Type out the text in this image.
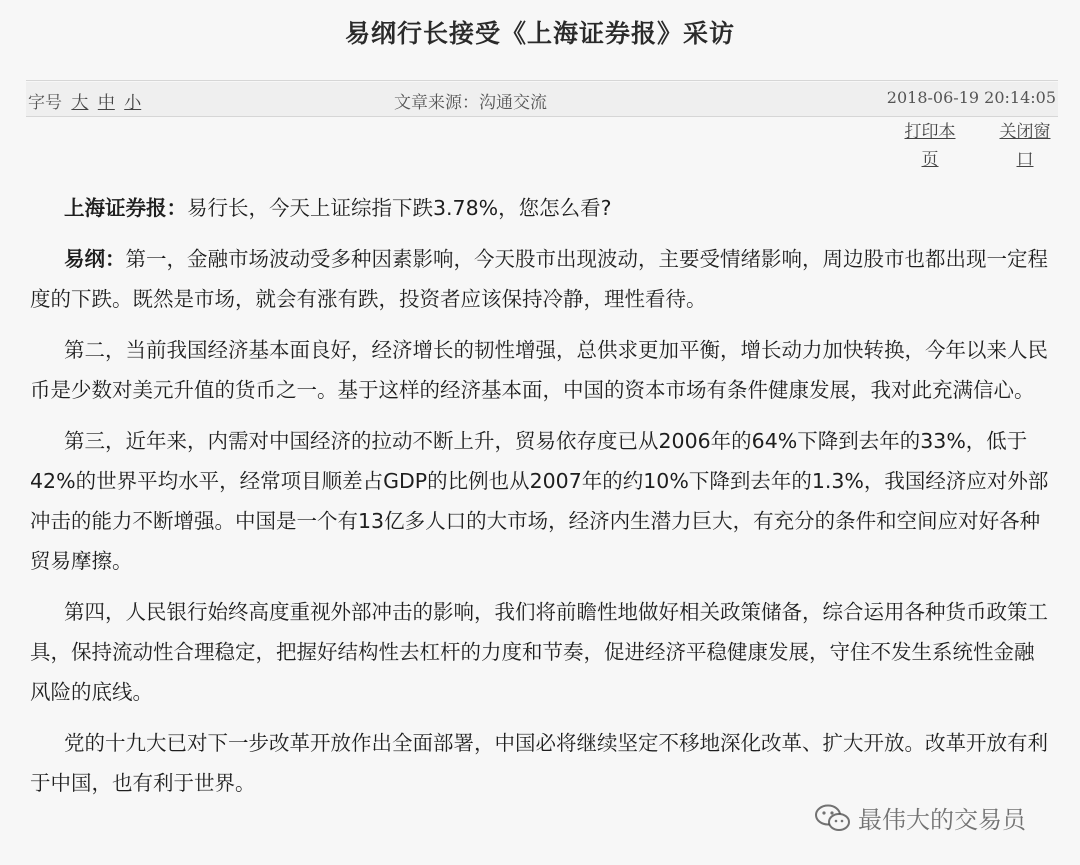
易纲行长接受《上海证券报》采访
字号 大 中 小	文章来源：沟通交流	2018-06-19 20:14:05
打印本
页
关闭窗
口

上海证券报：易行长，今天上证综指下跌3.78%，您怎么看?

易纲：第一，金融市场波动受多种因素影响，今天股市出现波动，主要受情绪影响，周边股市也都出现一定程度的下跌。既然是市场，就会有涨有跌，投资者应该保持冷静，理性看待。

第二，当前我国经济基本面良好，经济增长的韧性增强，总供求更加平衡，增长动力加快转换，今年以来人民币是少数对美元升值的货币之一。基于这样的经济基本面，中国的资本市场有条件健康发展，我对此充满信心。

第三，近年来，内需对中国经济的拉动不断上升，贸易依存度已从2006年的64%下降到去年的33%，低于42%的世界平均水平，经常项目顺差占GDP的比例也从2007年的约10%下降到去年的1.3%，我国经济应对外部冲击的能力不断增强。中国是一个有13亿多人口的大市场，经济内生潜力巨大，有充分的条件和空间应对好各种贸易摩擦。

第四，人民银行始终高度重视外部冲击的影响，我们将前瞻性地做好相关政策储备，综合运用各种货币政策工具，保持流动性合理稳定，把握好结构性去杠杆的力度和节奏，促进经济平稳健康发展，守住不发生系统性金融风险的底线。

党的十九大已对下一步改革开放作出全面部署，中国必将继续坚定不移地深化改革、扩大开放。改革开放有利于中国，也有利于世界。

最伟大的交易员
